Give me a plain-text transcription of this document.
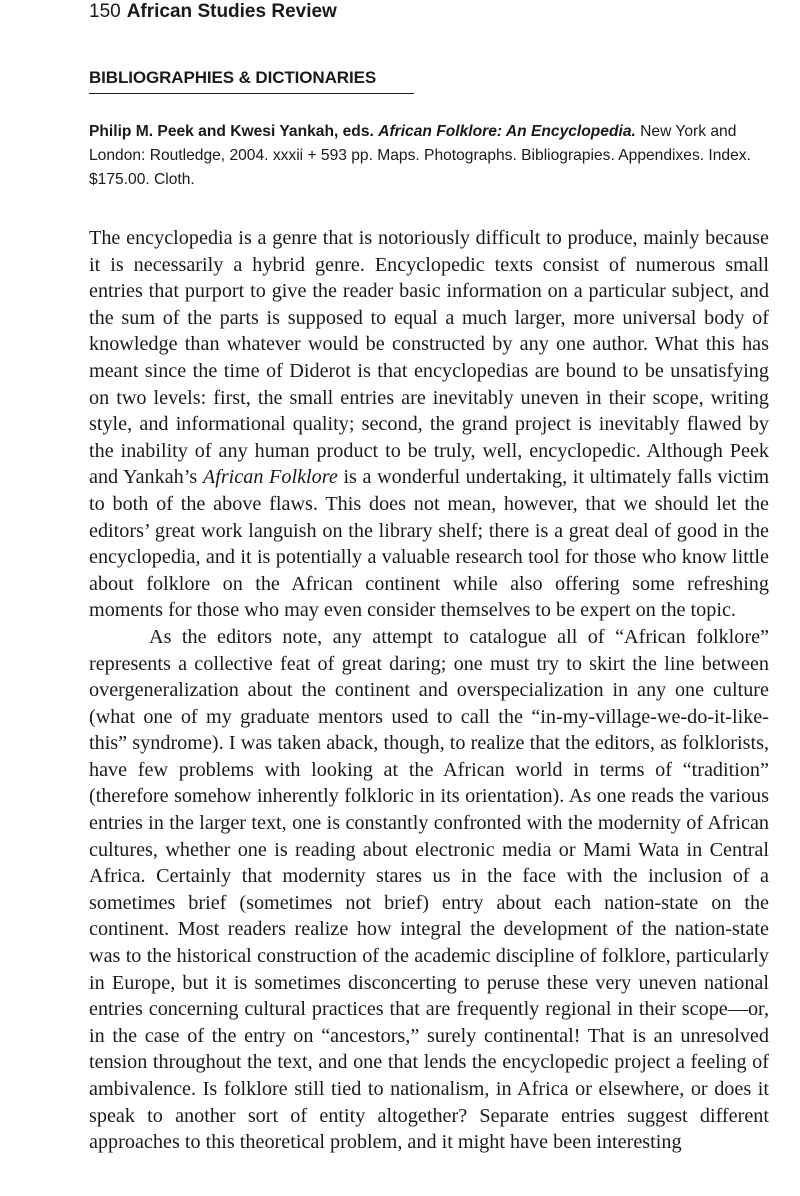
150 African Studies Review
BIBLIOGRAPHIES & DICTIONARIES
Philip M. Peek and Kwesi Yankah, eds. African Folklore: An Encyclopedia. New York and London: Routledge, 2004. xxxii + 593 pp. Maps. Photographs. Bibliograpies. Appendixes. Index. $175.00. Cloth.

The encyclopedia is a genre that is notoriously difficult to produce, mainly because it is necessarily a hybrid genre. Encyclopedic texts consist of numerous small entries that purport to give the reader basic information on a particular subject, and the sum of the parts is supposed to equal a much larger, more universal body of knowledge than whatever would be constructed by any one author. What this has meant since the time of Diderot is that encyclopedias are bound to be unsatisfying on two levels: first, the small entries are inevitably uneven in their scope, writing style, and informational quality; second, the grand project is inevitably flawed by the inability of any human product to be truly, well, encyclopedic. Although Peek and Yankah’s African Folklore is a wonderful undertaking, it ultimately falls victim to both of the above flaws. This does not mean, however, that we should let the editors’ great work languish on the library shelf; there is a great deal of good in the encyclopedia, and it is potentially a valuable research tool for those who know little about folklore on the African continent while also offering some refreshing moments for those who may even consider themselves to be expert on the topic.

As the editors note, any attempt to catalogue all of “African folklore” represents a collective feat of great daring; one must try to skirt the line between overgeneralization about the continent and overspecialization in any one culture (what one of my graduate mentors used to call the “in-my-village-we-do-it-like-this” syndrome). I was taken aback, though, to realize that the editors, as folklorists, have few problems with looking at the African world in terms of “tradition” (therefore somehow inherently folkloric in its orientation). As one reads the various entries in the larger text, one is constantly confronted with the modernity of African cultures, whether one is reading about electronic media or Mami Wata in Central Africa. Certainly that modernity stares us in the face with the inclusion of a sometimes brief (sometimes not brief) entry about each nation-state on the continent. Most readers realize how integral the development of the nation-state was to the historical construction of the academic discipline of folklore, particularly in Europe, but it is sometimes disconcerting to peruse these very uneven national entries concerning cultural practices that are frequently regional in their scope—or, in the case of the entry on “ancestors,” surely continental! That is an unresolved tension throughout the text, and one that lends the encyclopedic project a feeling of ambivalence. Is folklore still tied to nationalism, in Africa or elsewhere, or does it speak to another sort of entity altogether? Separate entries suggest different approaches to this theoretical problem, and it might have been interesting
